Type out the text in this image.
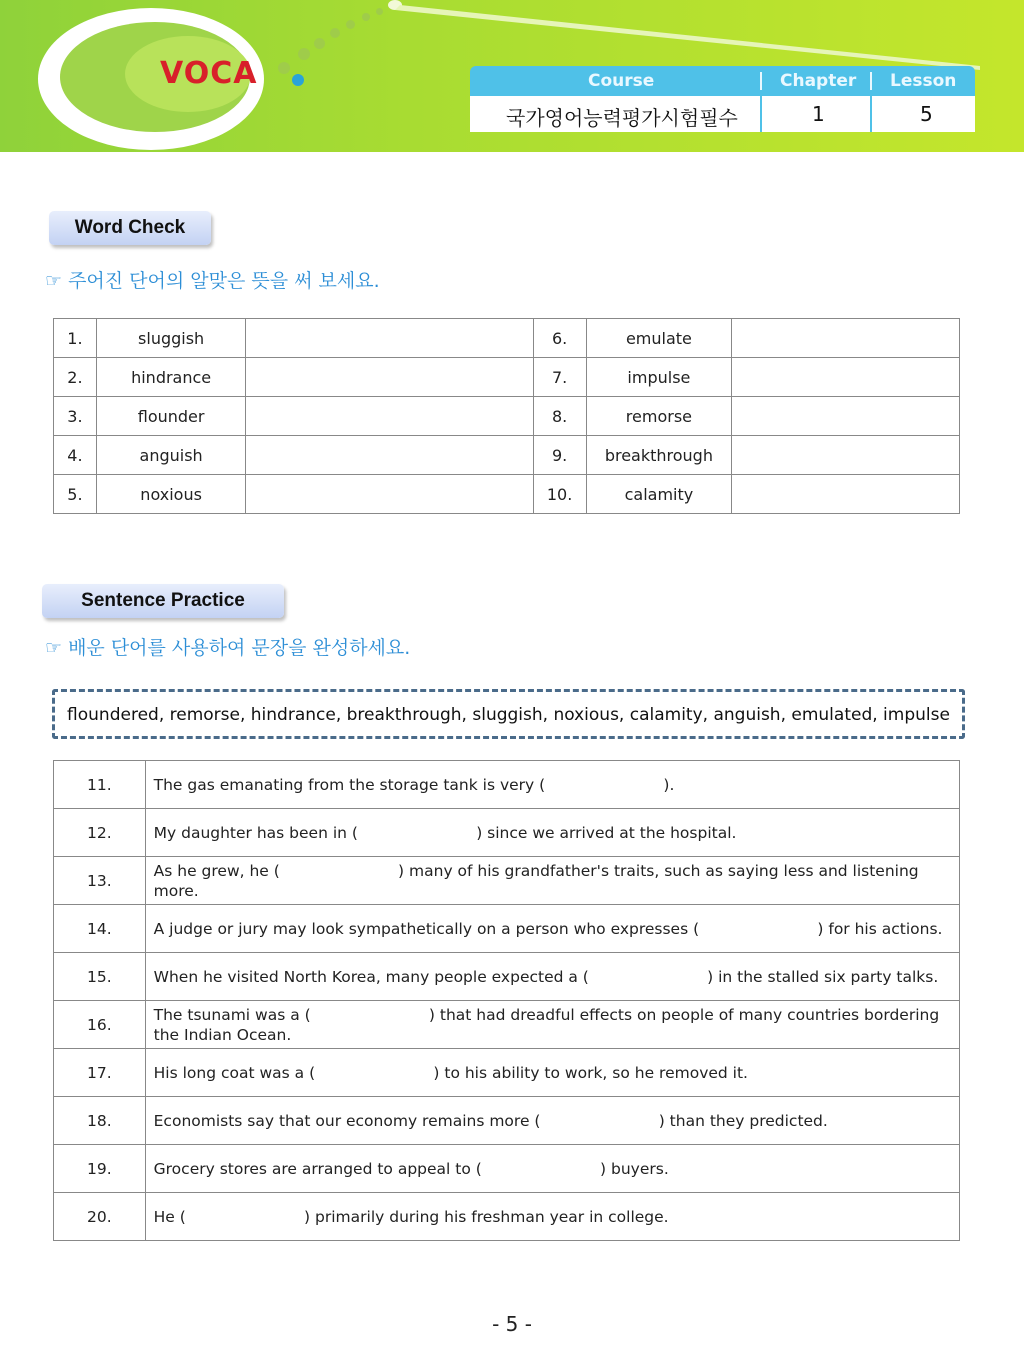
VOCA	Course	Chapter Lesson
국가영어능력평가시험필수	1	5
Word Check
☞ 주어진 단어의 알맞은 뜻을 써 보세요.
1.	sluggish		6.	emulate	
2.	hindrance		7.	impulse	
3.	flounder		8.	remorse	
4.	anguish		9.	breakthrough	
5.	noxious		10.	calamity	
Sentence Practice
☞ 배운 단어를 사용하여 문장을 완성하세요.
floundered, remorse, hindrance, breakthrough, sluggish, noxious, calamity, anguish, emulated, impulse
11.	The gas emanating from the storage tank is very (                        ).
12.	My daughter has been in (                        ) since we arrived at the hospital.
13.	As he grew, he (                        ) many of his grandfather's traits, such as saying less and listening more.
14.	A judge or jury may look sympathetically on a person who expresses (                        ) for his actions.
15.	When he visited North Korea, many people expected a (                        ) in the stalled six party talks.
16.	The tsunami was a (                        ) that had dreadful effects on people of many countries bordering the Indian Ocean.
17.	His long coat was a (                        ) to his ability to work, so he removed it.
18.	Economists say that our economy remains more (                        ) than they predicted.
19.	Grocery stores are arranged to appeal to (                        ) buyers.
20.	He (                        ) primarily during his freshman year in college.
- 5 -
